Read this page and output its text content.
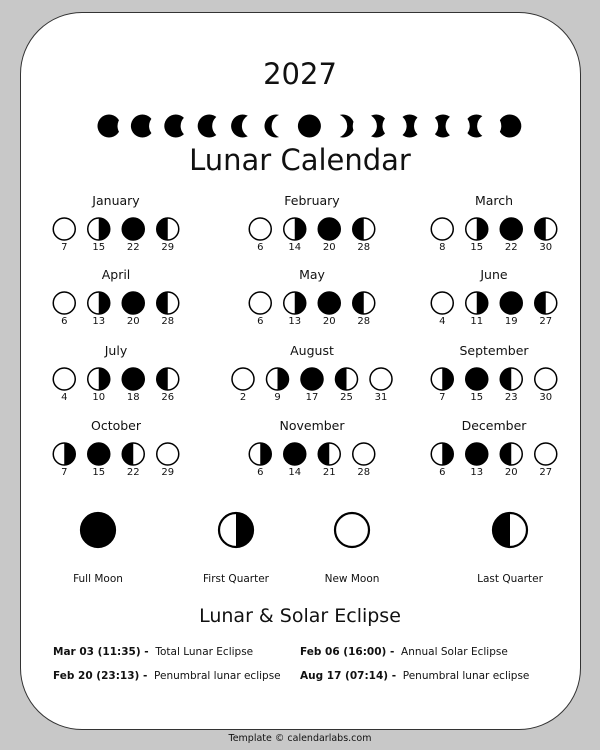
2027
Lunar Calendar
January
7	15	22	29
February
6	14	20	28
March
8	15	22	30
April
6	13	20	28
May
6	13	20	28
June
4	11	19	27
July
4	10	18	26
August
2	9	17	25	31
September
7	15	23	30
October
7	15	22	29
November
6	14	21	28
December
6	13	20	27
Full Moon	First Quarter	New Moon	Last Quarter
Lunar & Solar Eclipse
Mar 03 (11:35) - Total Lunar Eclipse	Feb 06 (16:00) - Annual Solar Eclipse
Feb 20 (23:13) - Penumbral lunar eclipse Aug 17 (07:14) - Penumbral lunar eclipse
Template © calendarlabs.com
